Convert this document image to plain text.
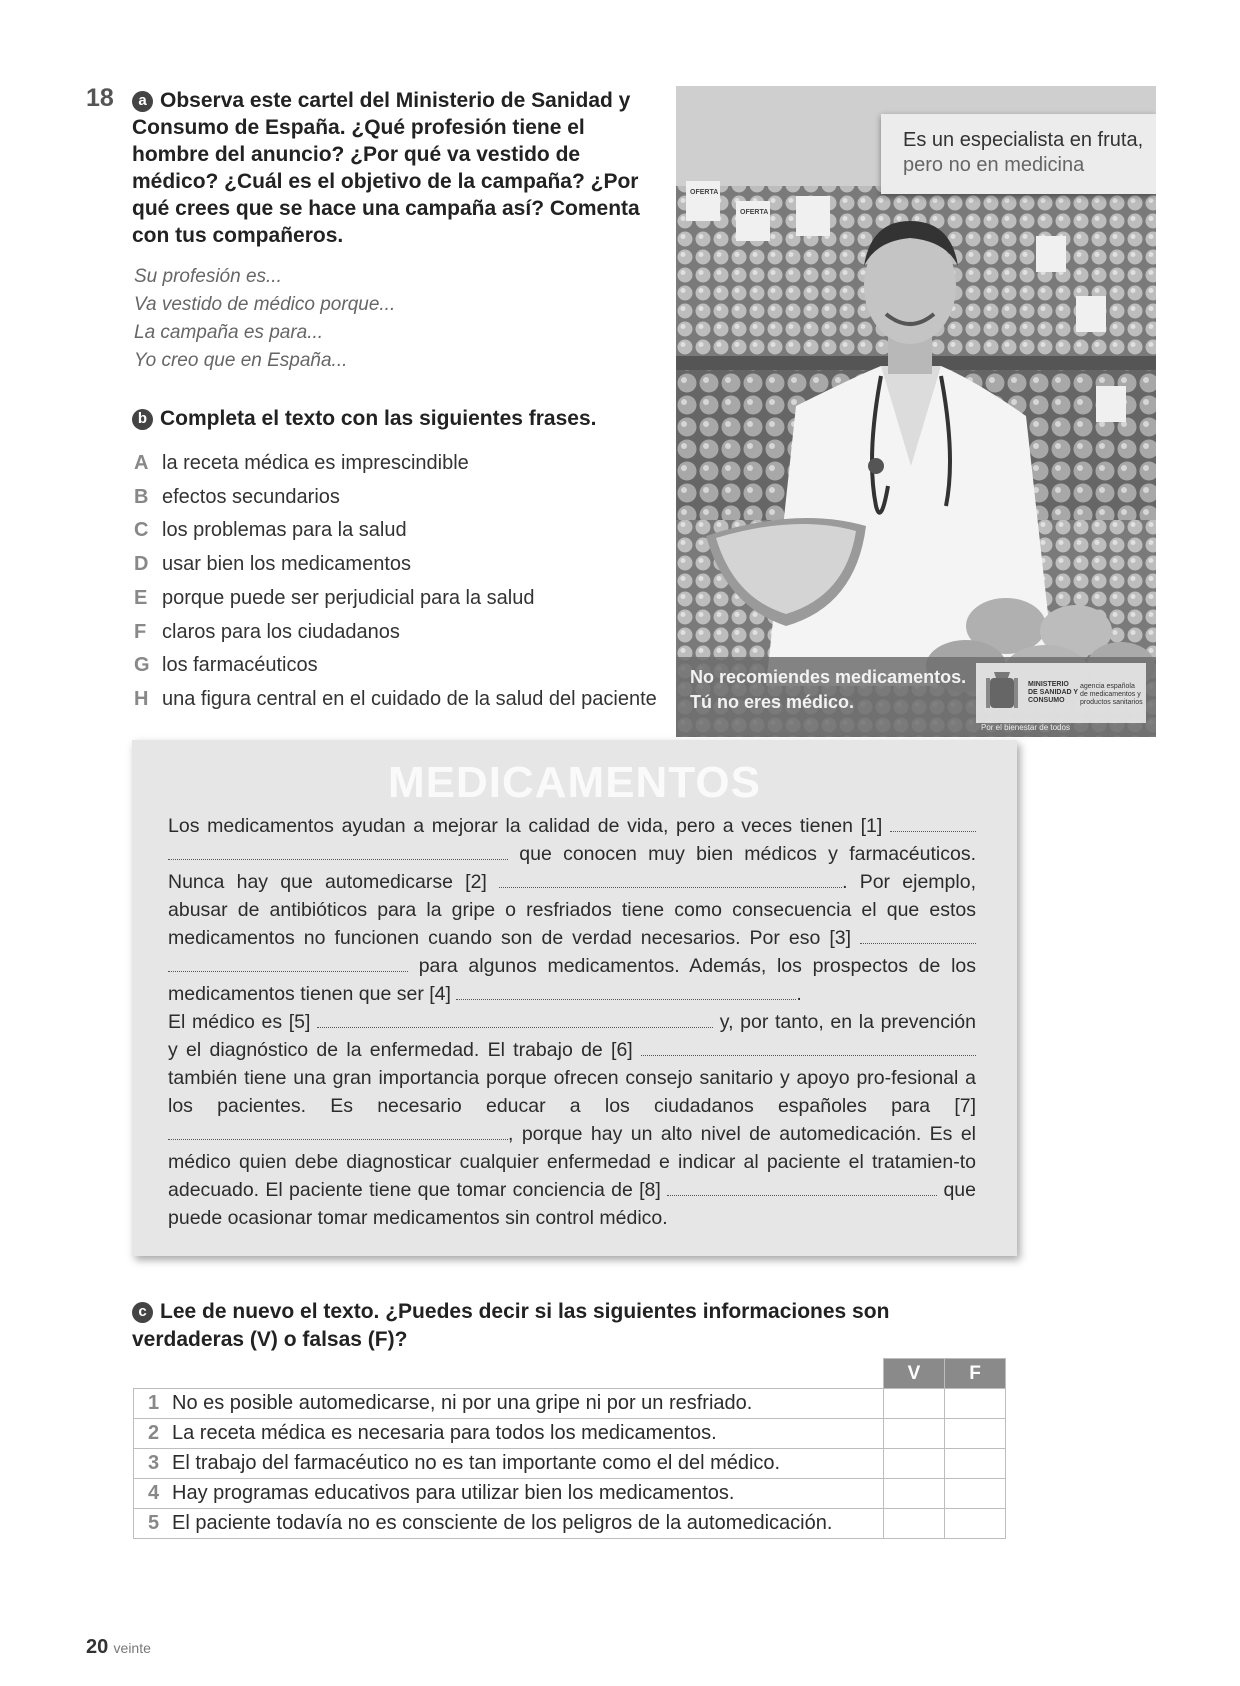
18	a Observa este cartel del Ministerio de Sanidad y Consumo de España. ¿Qué profesión tiene el hombre del anuncio? ¿Por qué va vestido de médico? ¿Cuál es el objetivo de la campaña? ¿Por qué crees que se hace una campaña así? Comenta con tus compañeros.
Su profesión es...
Va vestido de médico porque...
La campaña es para...
Yo creo que en España...
b Completa el texto con las siguientes frases.
A la receta médica es imprescindible
B efectos secundarios
C los problemas para la salud
D usar bien los medicamentos
E porque puede ser perjudicial para la salud
F claros para los ciudadanos
G los farmacéuticos
H una figura central en el cuidado de la salud del paciente
OFERTA
OFERTA
Es un especialista en fruta,
pero no en medicina
No recomiendes medicamentos.
Tú no eres médico.
MINISTERIO DE SANIDAD Y CONSUMO
agencia española de medicamentos y productos sanitarios
Por el bienestar de todos
MEDICAMENTOS
Los medicamentos ayudan a mejorar la calidad de vida, pero a veces tienen [1]   que conocen muy bien médicos y farmacéuticos. Nunca hay que automedicarse [2]	. Por ejemplo, abusar de antibióticos para la gripe o resfriados tiene como consecuencia el que estos medicamentos no funcionen cuando son de verdad necesarios. Por eso [3]   para algunos medicamentos. Además, los prospectos de los medicamentos tienen que ser [4]	.
El médico es [5]	y, por tanto, en la prevención y el diagnóstico de la enfermedad. El trabajo de [6]  también tiene una gran importancia porque ofrecen consejo sanitario y apoyo pro-fesional a los pacientes. Es necesario educar a los ciudadanos españoles para [7] , porque hay un alto nivel de automedicación. Es el médico quien debe diagnosticar cualquier enfermedad e indicar al paciente el tratamien-to adecuado. El paciente tiene que tomar conciencia de [8]	que puede ocasionar tomar medicamentos sin control médico.
c Lee de nuevo el texto. ¿Puedes decir si las siguientes informaciones son verdaderas (V) o falsas (F)?
	V	F
1 No es posible automedicarse, ni por una gripe ni por un resfriado.		
2 La receta médica es necesaria para todos los medicamentos.		
3 El trabajo del farmacéutico no es tan importante como el del médico.		
4 Hay programas educativos para utilizar bien los medicamentos.		
5 El paciente todavía no es consciente de los peligros de la automedicación.		
20 veinte
